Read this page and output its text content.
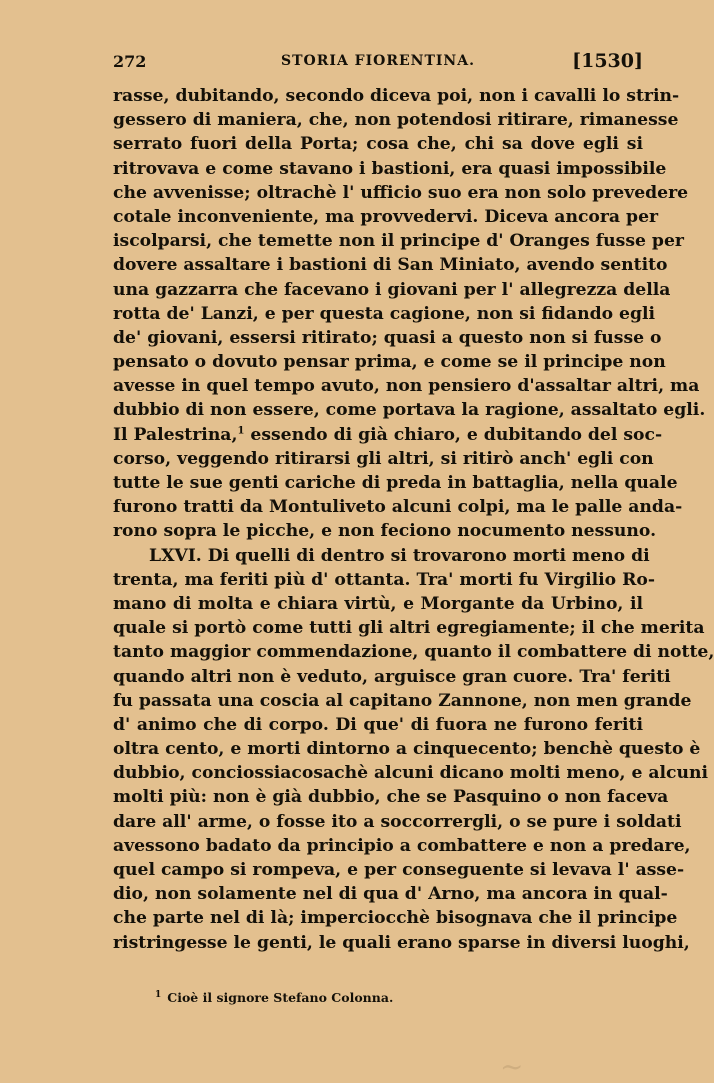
272	STORIA FIORENTINA.	[1530]
rasse, dubitando, secondo diceva poi, non i cavalli lo strin-
gessero di maniera, che, non potendosi ritirare, rimanesse
serrato fuori della Porta; cosa che, chi sa dove egli si
ritrovava e come stavano i bastioni, era quasi impossibile
che avvenisse; oltrachè l' ufficio suo era non solo prevedere
cotale inconveniente, ma provvedervi. Diceva ancora per
iscolparsi, che temette non il principe d' Oranges fusse per
dovere assaltare i bastioni di San Miniato, avendo sentito
una gazzarra che facevano i giovani per l' allegrezza della
rotta de' Lanzi, e per questa cagione, non si fidando egli
de' giovani, essersi ritirato; quasi a questo non si fusse o
pensato o dovuto pensar prima, e come se il principe non
avesse in quel tempo avuto, non pensiero d'assaltar altri, ma
dubbio di non essere, come portava la ragione, assaltato egli.
Il Palestrina,$^1$ essendo di già chiaro, e dubitando del soc-
corso, veggendo ritirarsi gli altri, si ritirò anch' egli con
tutte le sue genti cariche di preda in battaglia, nella quale
furono tratti da Montuliveto alcuni colpi, ma le palle anda-
rono sopra le picche, e non feciono nocumento nessuno.
LXVI. Di quelli di dentro si trovarono morti meno di
trenta, ma feriti più d' ottanta. Tra' morti fu Virgilio Ro-
mano di molta e chiara virtù, e Morgante da Urbino, il
quale si portò come tutti gli altri egregiamente; il che merita
tanto maggior commendazione, quanto il combattere di notte,
quando altri non è veduto, arguisce gran cuore. Tra' feriti
fu passata una coscia al capitano Zannone, non men grande
d' animo che di corpo. Di que' di fuora ne furono feriti
oltra cento, e morti dintorno a cinquecento; benchè questo è
dubbio, conciossiacosachè alcuni dicano molti meno, e alcuni
molti più: non è già dubbio, che se Pasquino o non faceva
dare all' arme, o fosse ito a soccorrergli, o se pure i soldati
avessono badato da principio a combattere e non a predare,
quel campo si rompeva, e per conseguente si levava l' asse-
dio, non solamente nel di qua d' Arno, ma ancora in qual-
che parte nel di là; imperciocchè bisognava che il principe
ristringesse le genti, le quali erano sparse in diversi luoghi,
$^1$ Cioè il signore Stefano Colonna.
~
